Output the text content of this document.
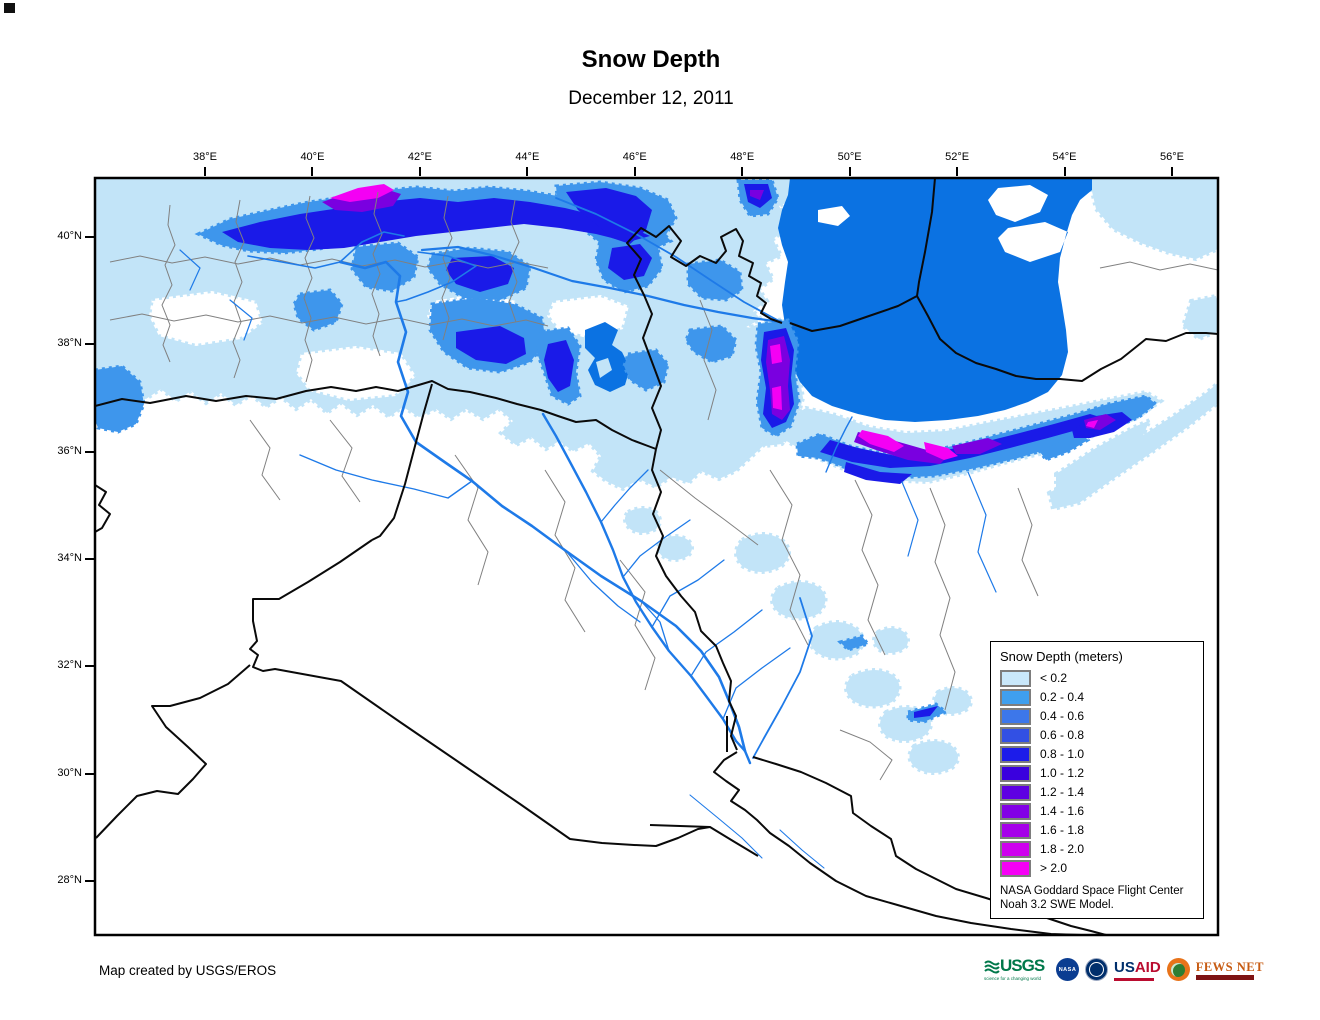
Snow Depth
December 12, 2011
Snow Depth (meters)
< 0.2
0.2 - 0.4
0.4 - 0.6
0.6 - 0.8
0.8 - 1.0
1.0 - 1.2
1.2 - 1.4
1.4 - 1.6
1.6 - 1.8
1.8 - 2.0
> 2.0
NASA Goddard Space Flight Center
Noah 3.2 SWE Model.
Map created by USGS/EROS	USGS
science for a changing world
NASA	USAID	FEWS NET
38°E	40°E	42°E	44°E	46°E	48°E	50°E	52°E	54°E	56°E
40°N
38°N
36°N
34°N
32°N
30°N
28°N
